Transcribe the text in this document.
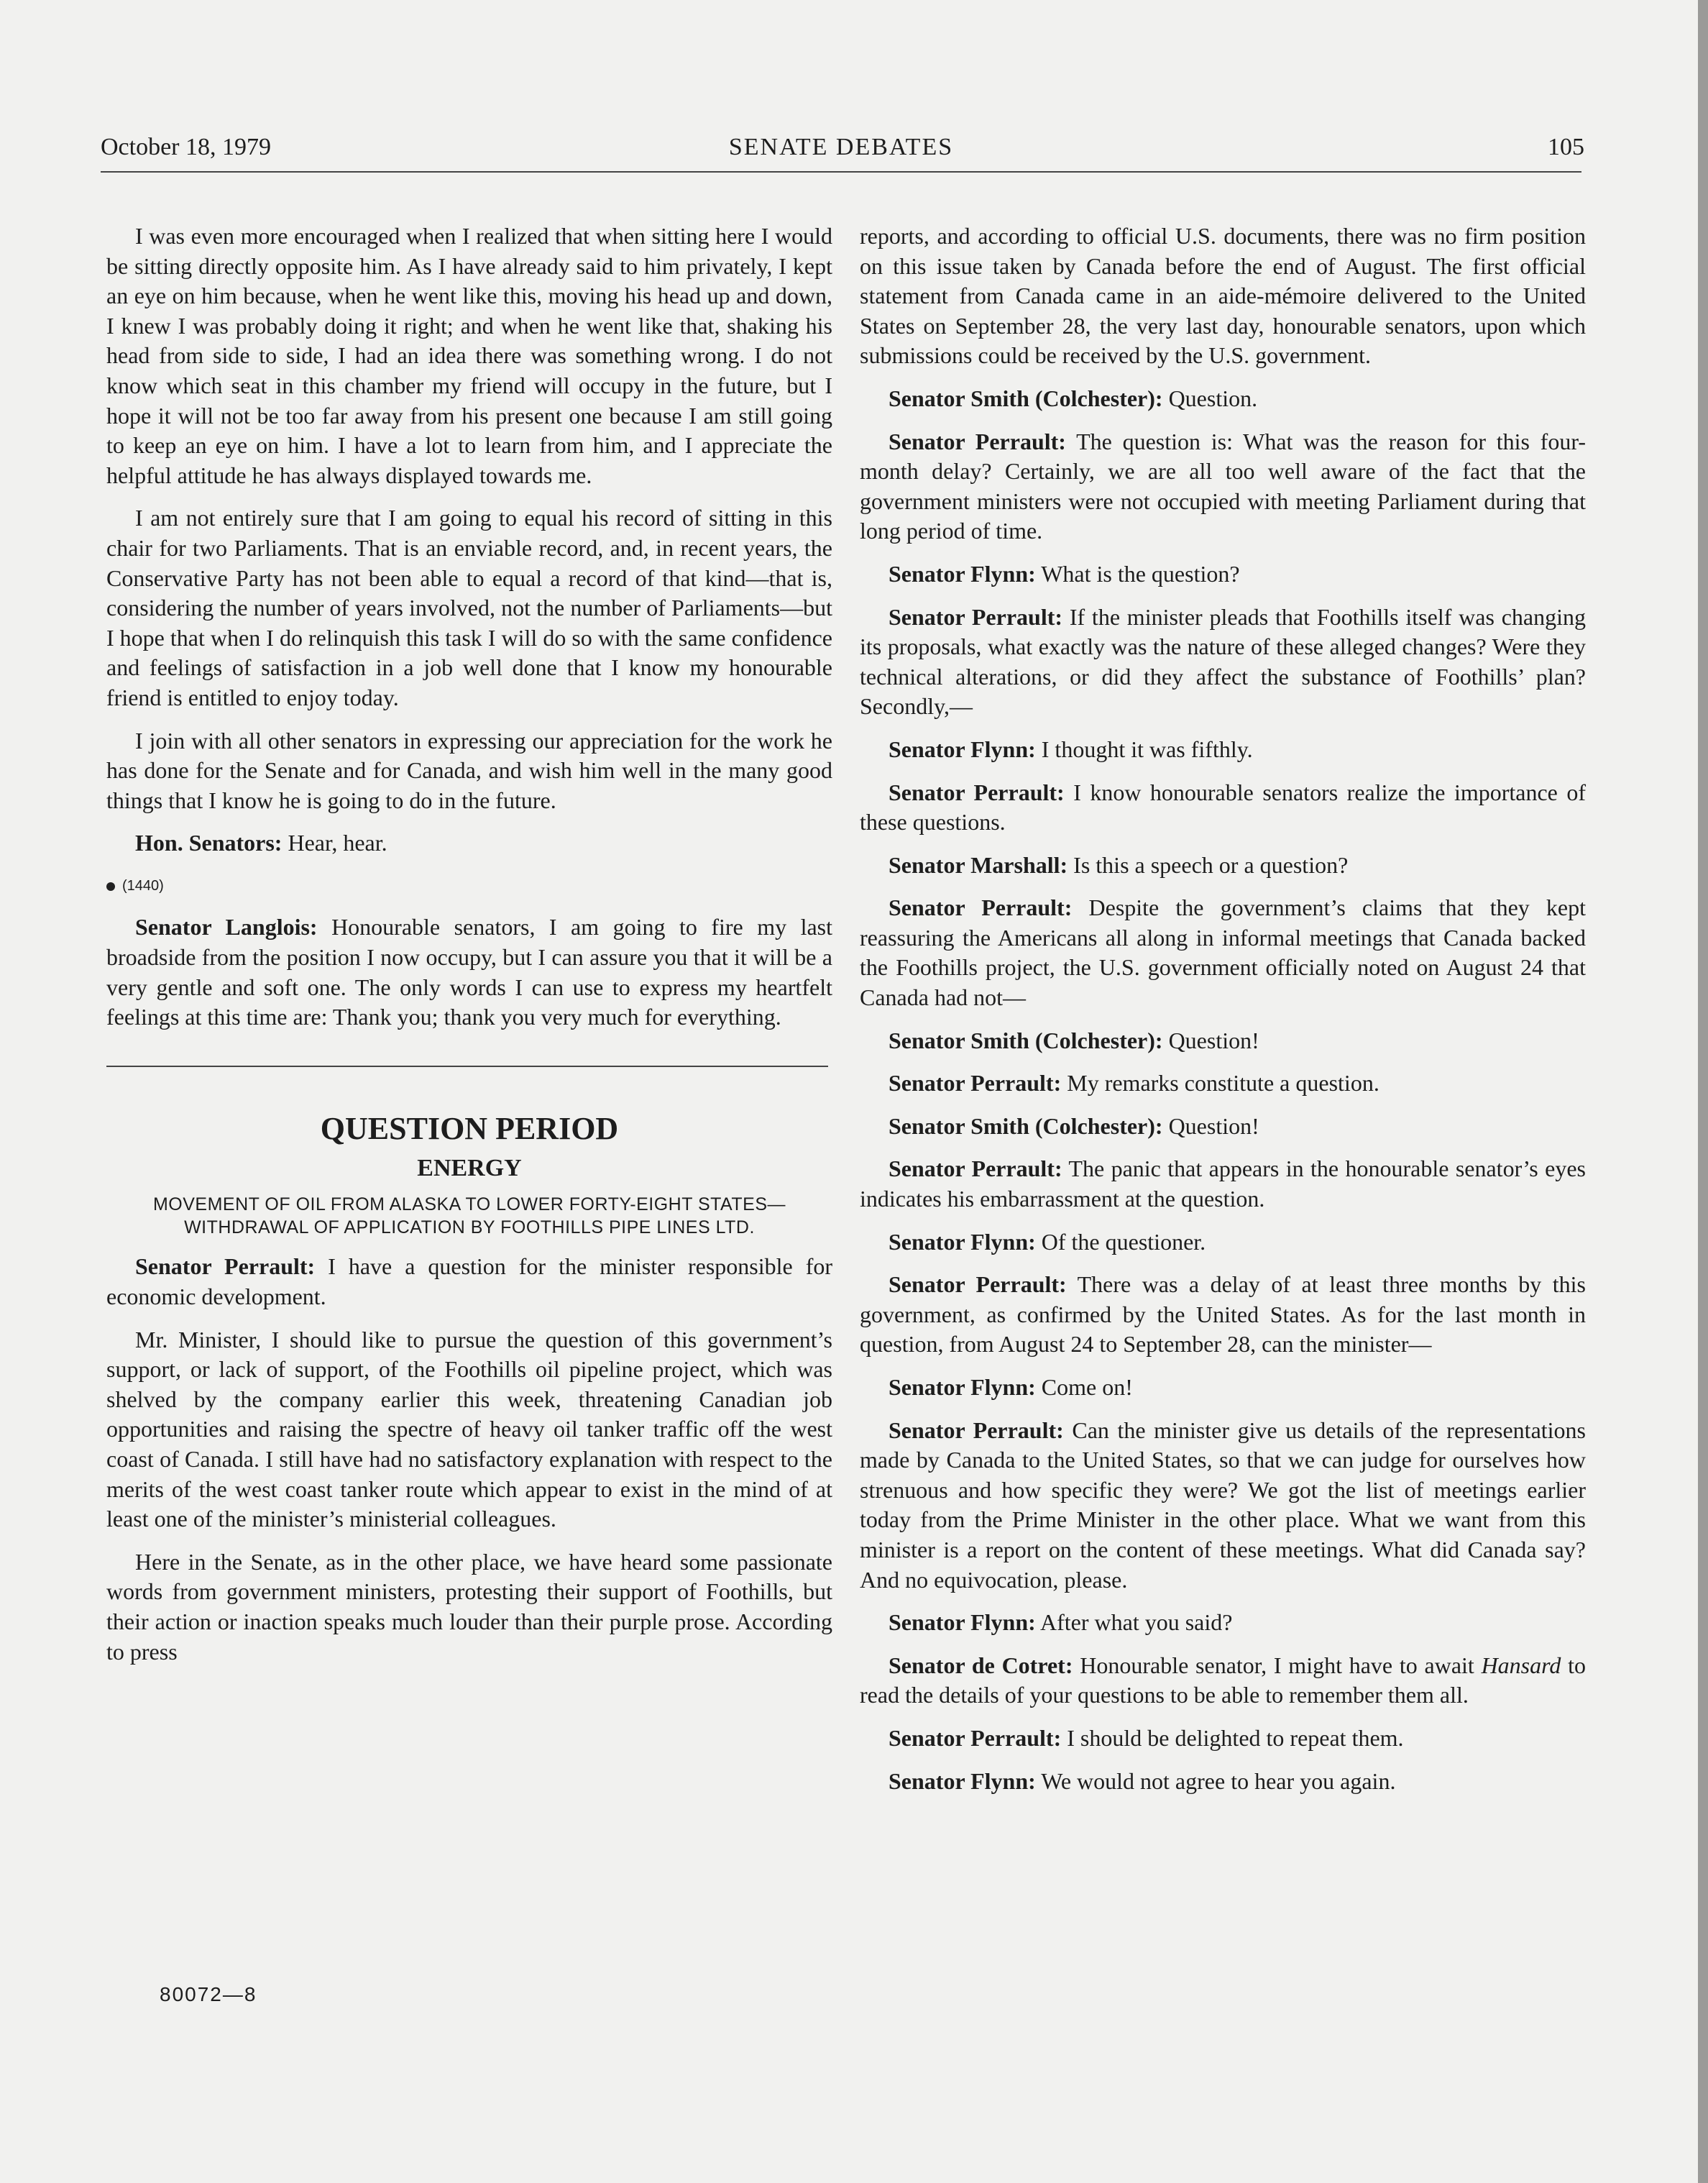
October 18, 1979	SENATE DEBATES	105

I was even more encouraged when I realized that when sitting here I would be sitting directly opposite him. As I have already said to him privately, I kept an eye on him because, when he went like this, moving his head up and down, I knew I was probably doing it right; and when he went like that, shaking his head from side to side, I had an idea there was something wrong. I do not know which seat in this chamber my friend will occupy in the future, but I hope it will not be too far away from his present one because I am still going to keep an eye on him. I have a lot to learn from him, and I appreciate the helpful attitude he has always displayed towards me.

I am not entirely sure that I am going to equal his record of sitting in this chair for two Parliaments. That is an enviable record, and, in recent years, the Conservative Party has not been able to equal a record of that kind—that is, considering the number of years involved, not the number of Parliaments—but I hope that when I do relinquish this task I will do so with the same confidence and feelings of satisfaction in a job well done that I know my honourable friend is entitled to enjoy today.

I join with all other senators in expressing our appreciation for the work he has done for the Senate and for Canada, and wish him well in the many good things that I know he is going to do in the future.

Hon. Senators: Hear, hear.

(1440)

Senator Langlois: Honourable senators, I am going to fire my last broadside from the position I now occupy, but I can assure you that it will be a very gentle and soft one. The only words I can use to express my heartfelt feelings at this time are: Thank you; thank you very much for everything.

QUESTION PERIOD
ENERGY
MOVEMENT OF OIL FROM ALASKA TO LOWER FORTY-EIGHT STATES—WITHDRAWAL OF APPLICATION BY FOOTHILLS PIPE LINES LTD.

Senator Perrault: I have a question for the minister responsible for economic development.

Mr. Minister, I should like to pursue the question of this government’s support, or lack of support, of the Foothills oil pipeline project, which was shelved by the company earlier this week, threatening Canadian job opportunities and raising the spectre of heavy oil tanker traffic off the west coast of Canada. I still have had no satisfactory explanation with respect to the merits of the west coast tanker route which appear to exist in the mind of at least one of the minister’s ministerial colleagues.

Here in the Senate, as in the other place, we have heard some passionate words from government ministers, protesting their support of Foothills, but their action or inaction speaks much louder than their purple prose. According to press

reports, and according to official U.S. documents, there was no firm position on this issue taken by Canada before the end of August. The first official statement from Canada came in an aide-mémoire delivered to the United States on September 28, the very last day, honourable senators, upon which submissions could be received by the U.S. government.

Senator Smith (Colchester): Question.

Senator Perrault: The question is: What was the reason for this four-month delay? Certainly, we are all too well aware of the fact that the government ministers were not occupied with meeting Parliament during that long period of time.

Senator Flynn: What is the question?

Senator Perrault: If the minister pleads that Foothills itself was changing its proposals, what exactly was the nature of these alleged changes? Were they technical alterations, or did they affect the substance of Foothills’ plan? Secondly,—

Senator Flynn: I thought it was fifthly.

Senator Perrault: I know honourable senators realize the importance of these questions.

Senator Marshall: Is this a speech or a question?

Senator Perrault: Despite the government’s claims that they kept reassuring the Americans all along in informal meetings that Canada backed the Foothills project, the U.S. government officially noted on August 24 that Canada had not—

Senator Smith (Colchester): Question!

Senator Perrault: My remarks constitute a question.

Senator Smith (Colchester): Question!

Senator Perrault: The panic that appears in the honourable senator’s eyes indicates his embarrassment at the question.

Senator Flynn: Of the questioner.

Senator Perrault: There was a delay of at least three months by this government, as confirmed by the United States. As for the last month in question, from August 24 to September 28, can the minister—

Senator Flynn: Come on!

Senator Perrault: Can the minister give us details of the representations made by Canada to the United States, so that we can judge for ourselves how strenuous and how specific they were? We got the list of meetings earlier today from the Prime Minister in the other place. What we want from this minister is a report on the content of these meetings. What did Canada say? And no equivocation, please.

Senator Flynn: After what you said?

Senator de Cotret: Honourable senator, I might have to await Hansard to read the details of your questions to be able to remember them all.

Senator Perrault: I should be delighted to repeat them.

Senator Flynn: We would not agree to hear you again.

80072—8
